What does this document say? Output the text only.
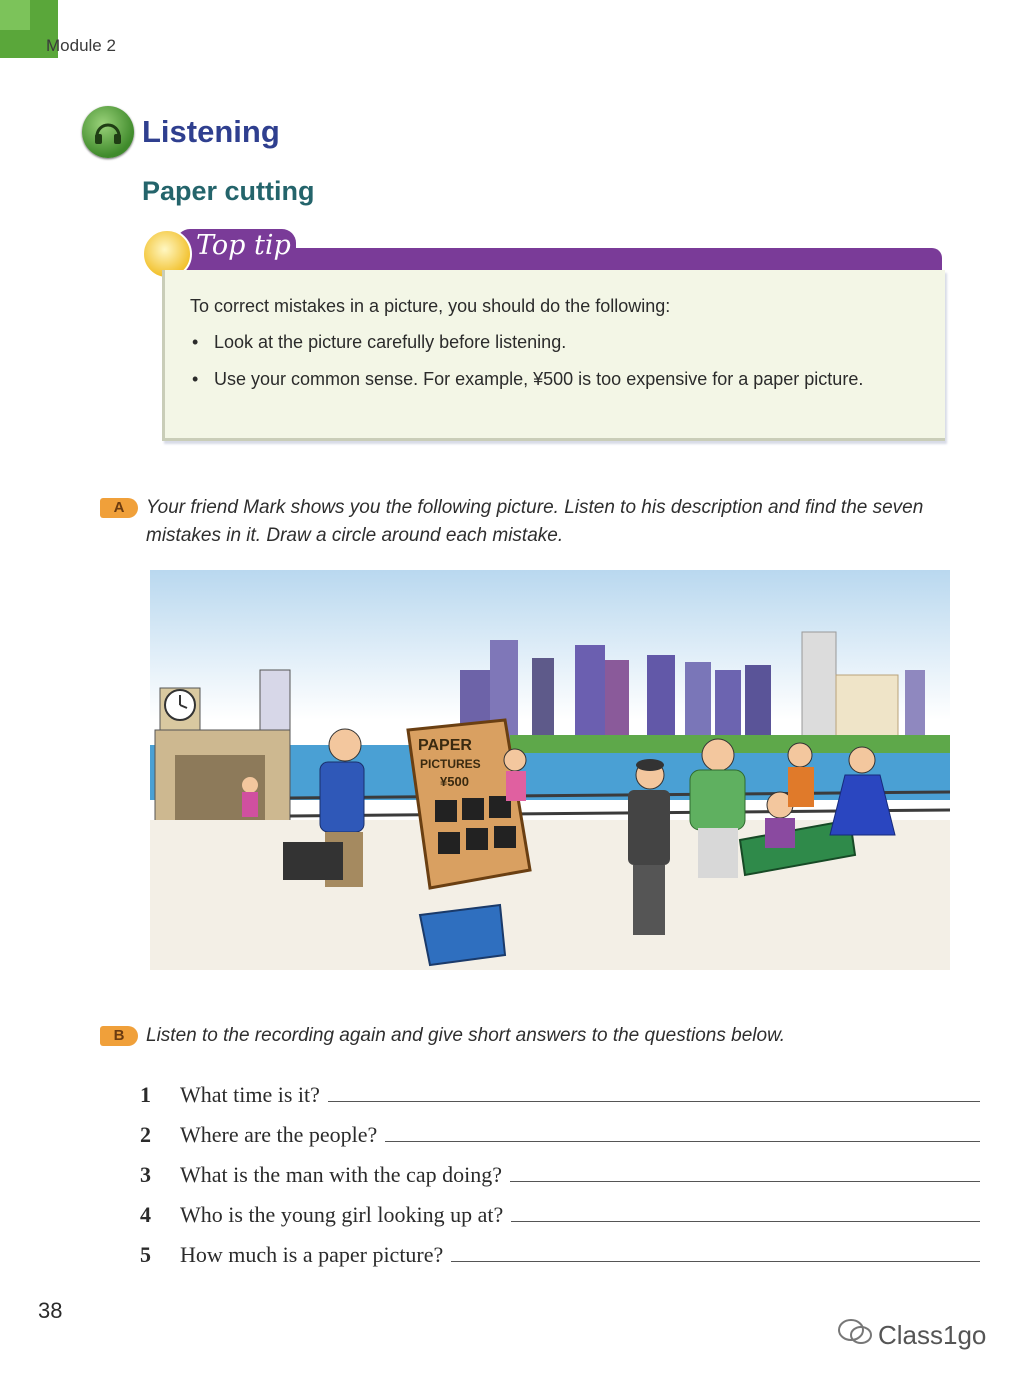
Module 2
Listening
Paper cutting
Top tip
To correct mistakes in a picture, you should do the following:
• Look at the picture carefully before listening.
• Use your common sense. For example, ¥500 is too expensive for a paper picture.
A	Your friend Mark shows you the following picture. Listen to his description and find the seven mistakes in it. Draw a circle around each mistake.
PAPER
PICTURES
¥500
B	Listen to the recording again and give short answers to the questions below.
1	What time is it?
2	Where are the people?
3	What is the man with the cap doing?
4	Who is the young girl looking up at?
5	How much is a paper picture?
38
Class1go
